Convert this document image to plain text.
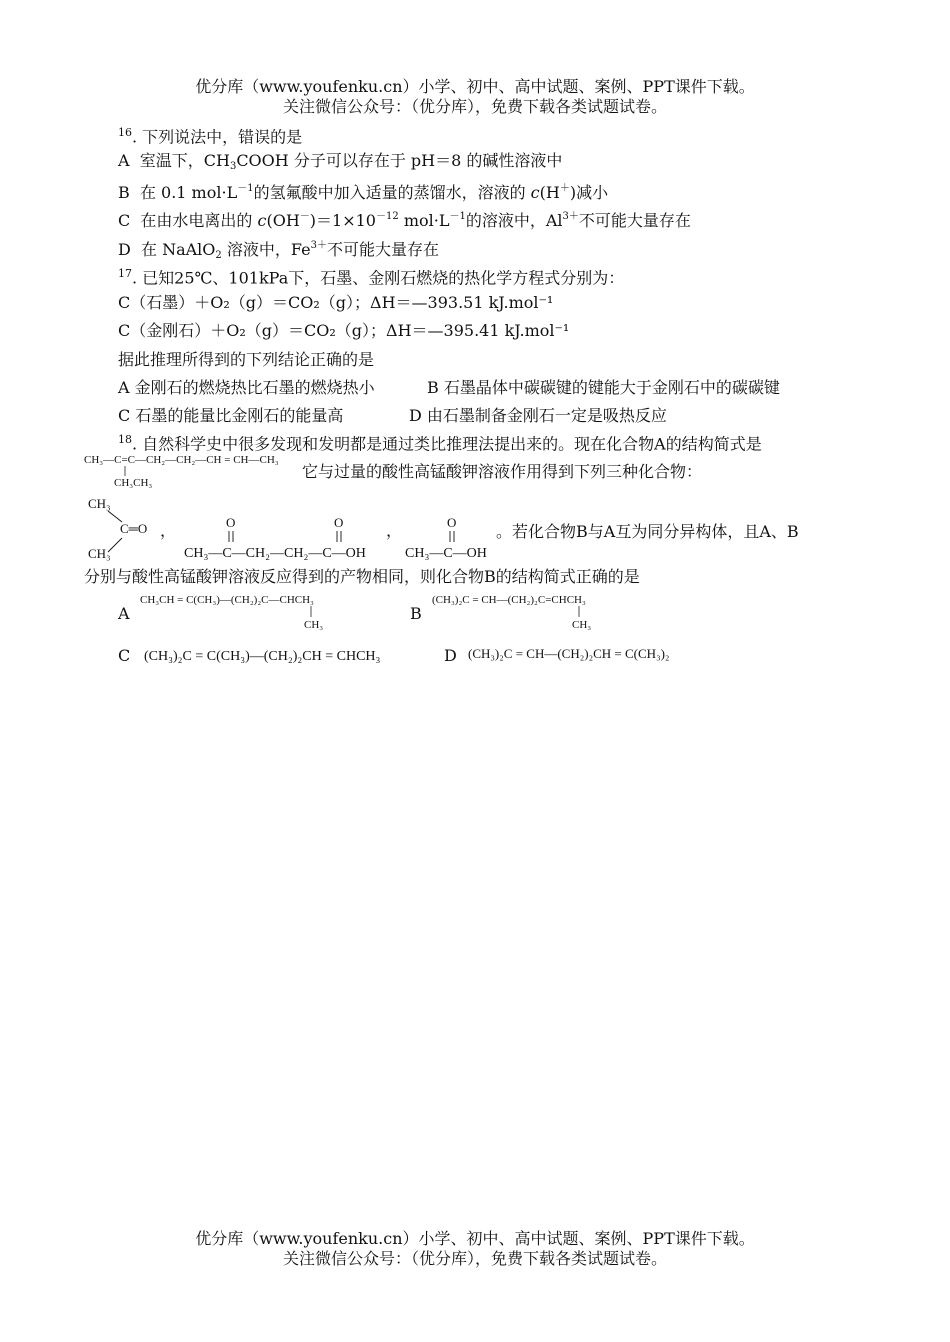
优分库（www.youfenku.cn）小学、初中、高中试题、案例、PPT课件下载。
关注微信公众号：（优分库），免费下载各类试题试卷。
$^{16}$. 下列说法中，错误的是
A  室温下，$CH_3COOH$ 分子可以存在于 pH＝8 的碱性溶液中
B  在 0.1 $mol\cdot L^{-1}$的氢氟酸中加入适量的蒸馏水，溶液的 c(H＋)减小
C  在由水电离出的 $c(OH^-)=1\times 10^{-12}$ $mol\cdot L^{-1}$的溶液中，$Al^{3+}$不可能大量存在
D  在 NaAlO$_2$ 溶液中，$Fe^{3+}$不可能大量存在
$^{17}$. 已知25℃、101kPa下，石墨、金刚石燃烧的热化学方程式分别为：
C（石墨）＋O₂（g）＝CO₂（g）；ΔH＝—393.51 kJ.mol⁻¹
C（金刚石）＋O₂（g）＝CO₂（g）；ΔH＝—395.41 kJ.mol⁻¹
据此推理所得到的下列结论正确的是
A 金刚石的燃烧热比石墨的燃烧热小	B 石墨晶体中碳碳键的键能大于金刚石中的碳碳键
C 石墨的能量比金刚石的能量高	D 由石墨制备金刚石一定是吸热反应
$^{18}$. 自然科学史中很多发现和发明都是通过类比推理法提出来的。现在化合物A的结构简式是
CH₃—C=C—CH₂—CH₂—CH = CH—CH₃
CH₃CH₃
它与过量的酸性高锰酸钾溶液作用得到下列三种化合物：
CH₃
C═O
CH₃
，	O	O
CH₃—C—CH₂—CH₂—C—OH
，	O
CH₃—C—OH
。若化合物B与A互为同分异构体，且A、B
分别与酸性高锰酸钾溶液反应得到的产物相同，则化合物B的结构简式正确的是
A
CH₃CH = C(CH₃)—(CH₂)₂C—CHCH₃
CH₃
B
(CH₃)₂C = CH—(CH₂)₂C=CHCH₃
CH₃
C (CH₃)₂C = C(CH₃)—(CH₂)₂CH = CHCH₃	D (CH₃)₂C = CH—(CH₂)₂CH = C(CH₃)₂
优分库（www.youfenku.cn）小学、初中、高中试题、案例、PPT课件下载。
关注微信公众号：（优分库），免费下载各类试题试卷。
